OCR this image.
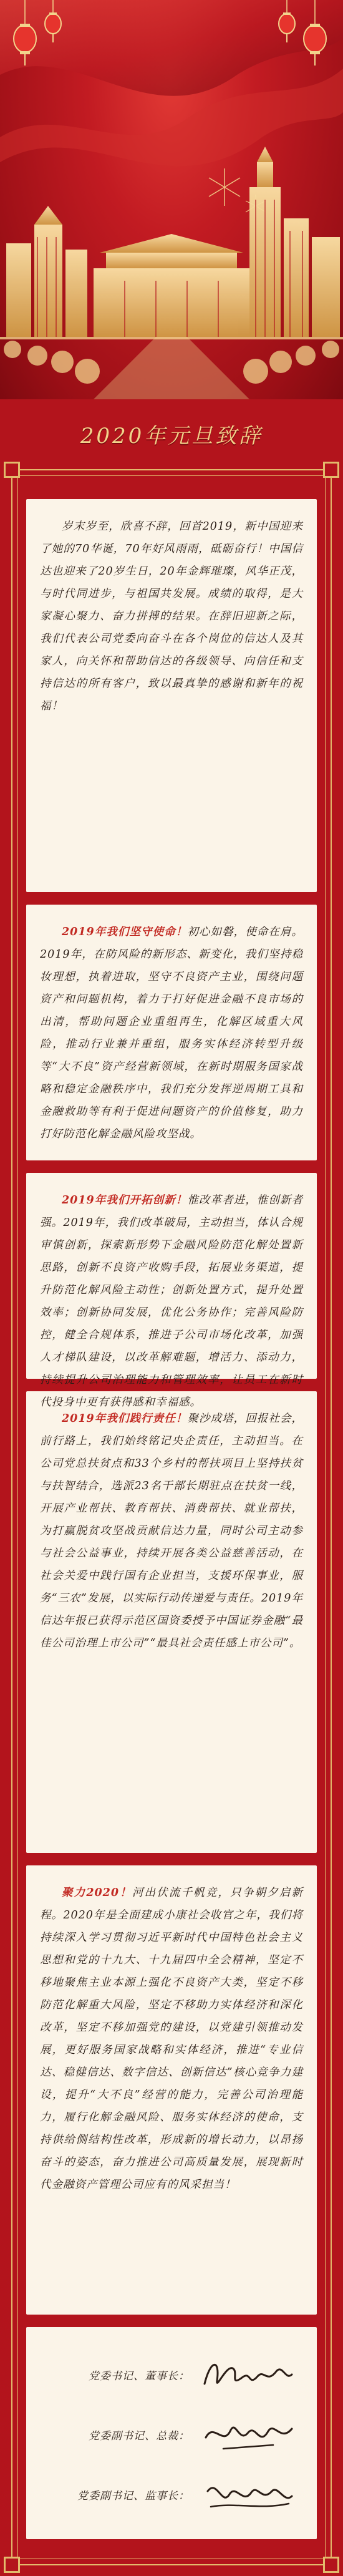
2020年元旦致辞

岁末岁至，欣喜不辞，回首2019，新中国迎来了她的70华诞，70年好风雨雨，砥砺奋行！中国信达也迎来了20岁生日，20年金辉璀璨，风华正茂，与时代同进步，与祖国共发展。成绩的取得，是大家凝心聚力、奋力拼搏的结果。在辞旧迎新之际，我们代表公司党委向奋斗在各个岗位的信达人及其家人，向关怀和帮助信达的各级领导、向信任和支持信达的所有客户，致以最真挚的感谢和新年的祝福！

2019年我们坚守使命！初心如磐，使命在肩。2019年，在防风险的新形态、新变化，我们坚持稳妆理想，执着进取，坚守不良资产主业，围绕问题资产和问题机构，着力于打好促进金融不良市场的出清，帮助问题企业重组再生，化解区域重大风险，推动行业兼并重组，服务实体经济转型升级等“大不良”资产经营新领域，在新时期服务国家战略和稳定金融秩序中，我们充分发挥逆周期工具和金融救助等有利于促进问题资产的价值修复，助力打好防范化解金融风险攻坚战。

2019年我们践行责任！聚沙成塔，回报社会，前行路上，我们始终铭记央企责任，主动担当。在公司党总扶贫点和33个乡村的帮扶项目上坚持扶贫与扶智结合，选派23名干部长期驻点在扶贫一线，开展产业帮扶、教育帮扶、消费帮扶、就业帮扶，为打赢脱贫攻坚战贡献信达力量，同时公司主动参与社会公益事业，持续开展各类公益慈善活动，在社会关爱中践行国有企业担当，支援环保事业，服务“三农”发展，以实际行动传递爱与责任。2019年信达年报已获得示范区国资委授予中国证券金融“最佳公司治理上市公司”“最具社会责任感上市公司”。

党委书记、董事长：
党委副书记、总裁：
党委副书记、监事长：

聚力2020！河出伏流千帆竞，只争朝夕启新程。2020年是全面建成小康社会收官之年，我们将持续深入学习贯彻习近平新时代中国特色社会主义思想和党的十九大、十九届四中全会精神，坚定不移地聚焦主业本源上强化不良资产大类，坚定不移防范化解重大风险，坚定不移助力实体经济和深化改革，坚定不移加强党的建设，以党建引领推动发展，更好服务国家战略和实体经济，推进“专业信达、稳健信达、数字信达、创新信达”核心竞争力建设，提升“大不良”经营的能力，完善公司治理能力，履行化解金融风险、服务实体经济的使命，支持供给侧结构性改革，形成新的增长动力，以昂扬奋斗的姿态，奋力推进公司高质量发展，展现新时代金融资产管理公司应有的风采担当！

2019年我们开拓创新！惟改革者进，惟创新者强。2019年，我们改革破局，主动担当，体认合规审慎创新，探索新形势下金融风险防范化解处置新思路，创新不良资产收购手段，拓展业务渠道，提升防范化解风险主动性；创新处置方式，提升处置效率；创新协同发展，优化公务协作；完善风险防控，健全合规体系，推进子公司市场化改革，加强人才梯队建设，以改革解难题，增活力、添动力，持续提升公司治理能力和管理效率，让员工在新时代投身中更有获得感和幸福感。
